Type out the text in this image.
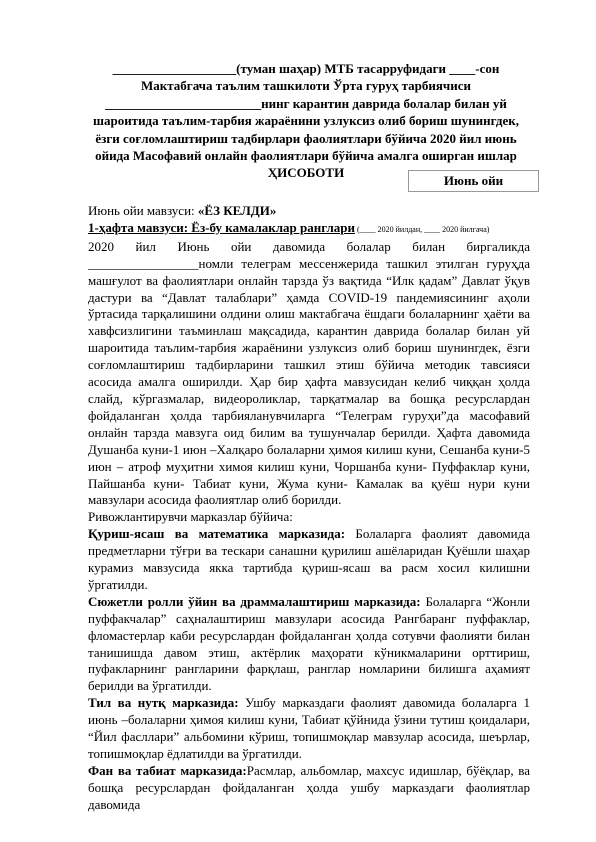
___________________(туман шаҳар) МТБ тасарруфидаги ____-сон

Мактабгача таълим ташкилоти Ўрта гуруҳ тарбиячиси

________________________нинг карантин даврида болалар билан уй

шароитида таълим-тарбия жараёнини узлуксиз олиб бориш шунингдек,

ёзги соғломлаштириш тадбирлари фаолиятлари бўйича 2020 йил июнь

ойида Масофавий онлайн фаолиятлари бўйича амалга оширган ишлар

ҲИСОБОТИ

Июнь ойи

Июнь ойи мавзуси: «ЁЗ КЕЛДИ»

1-ҳафта мавзуси: Ёз-бу камалаклар ранглари (____ 2020 йилдан, ____ 2020 йилгача)

2020 йил Июнь ойи давомида болалар билан биргаликда _________________номли телеграм мессенжерида ташкил этилган гуруҳда машғулот ва фаолиятлари онлайн тарзда ўз вақтида “Илк қадам” Давлат ўқув дастури ва “Давлат талаблари” ҳамда COVID-19 пандемиясининг аҳоли ўртасида тарқалишини олдини олиш мактабгача ёшдаги болаларнинг ҳаёти ва хавфсизлигини таъминлаш мақсадида, карантин даврида болалар билан уй шароитида таълим-тарбия жараёнини узлуксиз олиб бориш шунингдек, ёзги соғломлаштириш тадбирларини ташкил этиш бўйича методик тавсияси асосида амалга оширилди. Ҳар бир ҳафта мавзусидан келиб чиққан ҳолда слайд, кўргазмалар, видеороликлар, тарқатмалар ва бошқа ресурслардан фойдаланган ҳолда тарбияланувчиларга “Телеграм гуруҳи”да масофавий онлайн тарзда мавзуга оид билим ва тушунчалар берилди. Ҳафта давомида Душанба куни-1 июн –Халқаро болаларни ҳимоя килиш куни, Сешанба куни-5 июн – атроф муҳитни химоя килиш куни, Чоршанба куни- Пуффаклар куни, Пайшанба куни- Табиат куни, Жума куни- Камалак ва қуёш нури куни мавзулари асосида фаолиятлар олиб борилди.

Ривожлантирувчи марказлар бўйича:

Қуриш-ясаш ва математика марказида: Болаларга фаолият давомида предметларни тўғри ва тескари санашни қурилиш ашёларидан Қуёшли шаҳар курамиз мавзусида якка тартибда қуриш-ясаш ва расм хосил килишни ўргатилди.

Сюжетли ролли ўйин ва драммалаштириш марказида: Болаларга “Жонли пуффакчалар” саҳналаштириш мавзулари асосида Рангбаранг пуффаклар, фломастерлар каби ресурслардан фойдаланган ҳолда сотувчи фаолияти билан танишишда давом этиш, актёрлик маҳорати кўникмаларини орттириш, пуфакларнинг рангларини фарқлаш, ранглар номларини билишга аҳамият берилди ва ўргатилди.

Тил ва нутқ марказида: Ушбу марказдаги фаолият давомида болаларга 1 июнь –болаларни ҳимоя килиш куни, Табиат қўйнида ўзини тутиш қоидалари, “Йил фасллари” альбомини кўриш, топишмоқлар мавзулар асосида, шеърлар, топишмоқлар ёдлатилди ва ўргатилди.

Фан ва табиат марказида:Расмлар, альбомлар, махсус идишлар, бўёқлар, ва бошқа ресурслардан фойдаланган ҳолда ушбу марказдаги фаолиятлар давомида
